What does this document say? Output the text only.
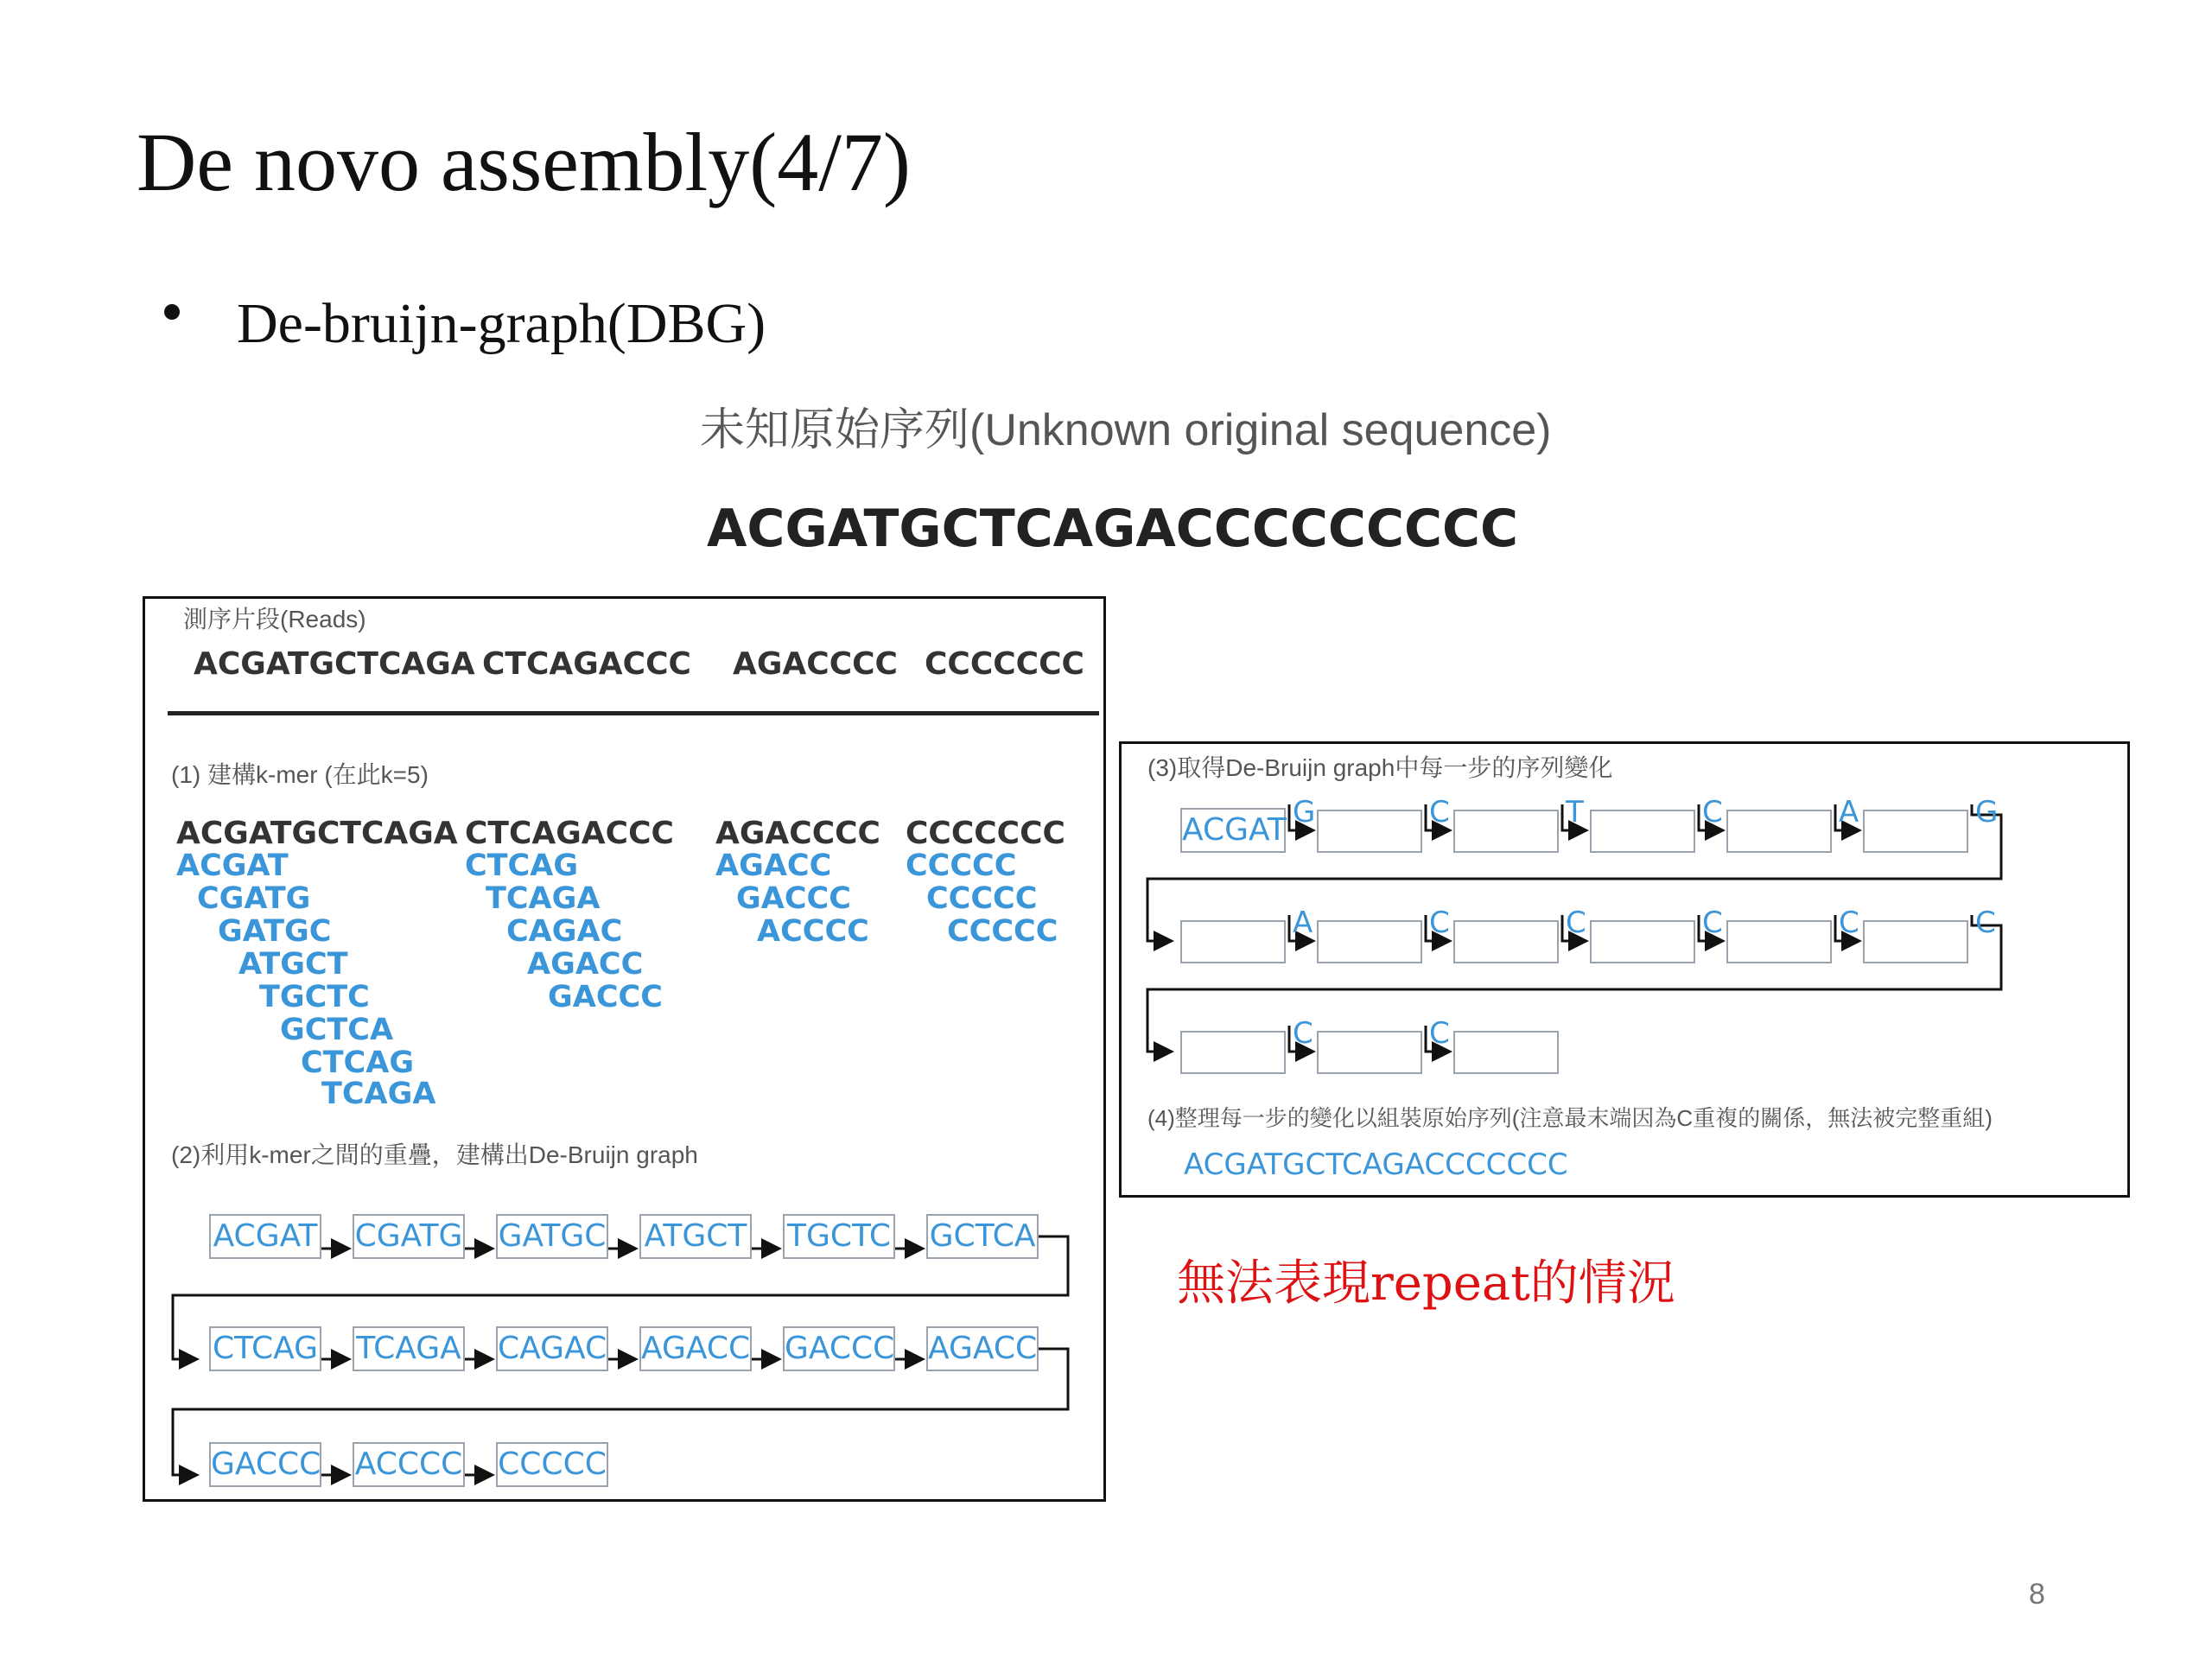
De novo assembly(4/7)
De-bruijn-graph(DBG)
未知原始序列(Unknown original sequence)
ACGATGCTCAGACCCCCCCCC
測序片段(Reads)
ACGATGCTCAGA CTCAGACCC AGACCCC CCCCCCC
(1) 建構k-mer (在此k=5)
ACGATGCTCAGA
ACGAT
CGATG
GATGC
ATGCT
TGCTC
GCTCA
CTCAG
TCAGA
CTCAGACCC
CTCAG
TCAGA
CAGAC
AGACC
GACCC
AGACCCC
AGACC
GACCC
ACCCC
CCCCCCC
CCCCC
CCCCC
CCCCC
(2)利用k-mer之間的重疊，建構出De-Bruijn graph
ACGAT CGATG GATGC ATGCT TGCTC GCTCA
CTCAG TCAGA CAGAC AGACC GACCC AGACC
GACCC ACCCC CCCCC
(3)取得De-Bruijn graph中每一步的序列變化
ACGAT G	C	T	C	A	G
A	C	C	C	C	C
C	C
(4)整理每一步的變化以組裝原始序列(注意最末端因為C重複的關係，無法被完整重組)
ACGATGCTCAGACCCCCCC
無法表現repeat的情況
8
